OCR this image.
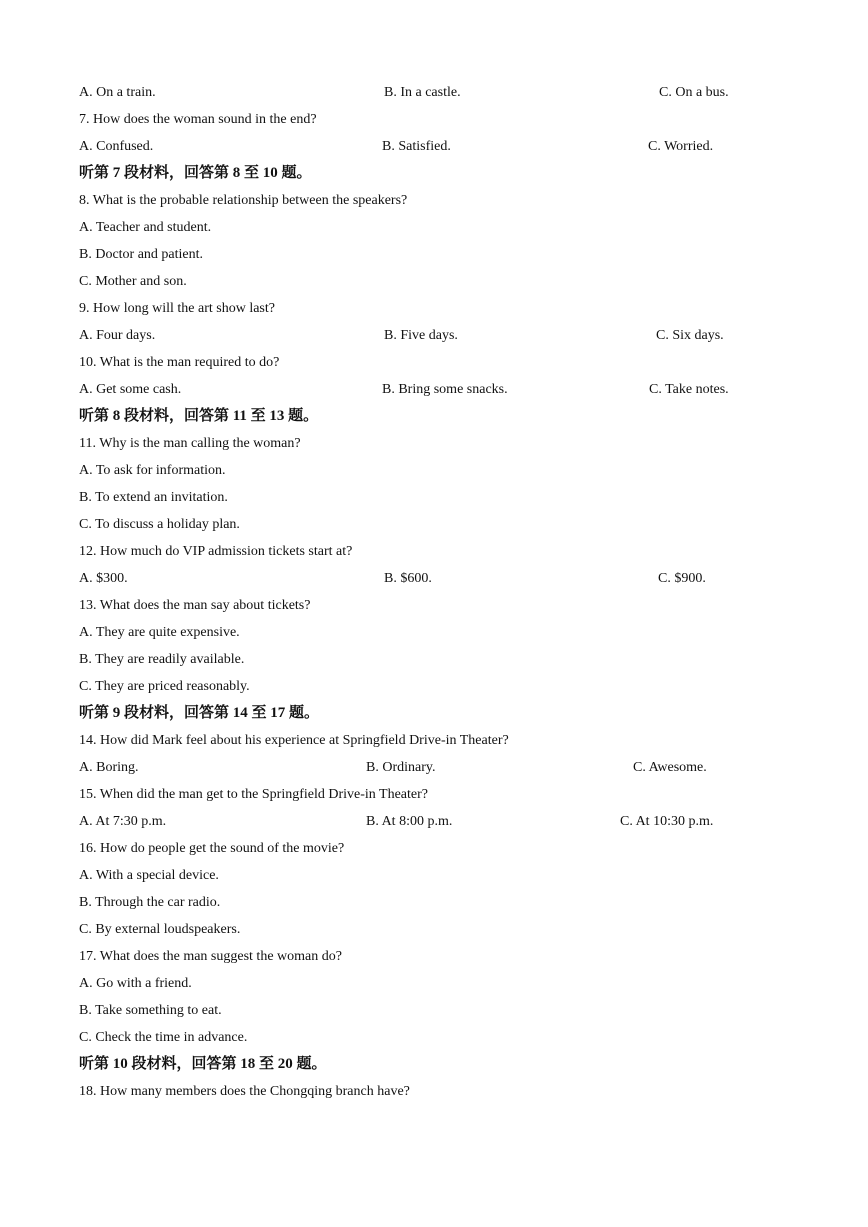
A. On a train.	B. In a castle.	C. On a bus.
7. How does the woman sound in the end?
A. Confused.	B. Satisfied.	C. Worried.
听第 7 段材料，回答第 8 至 10 题。
8. What is the probable relationship between the speakers?
A. Teacher and student.
B. Doctor and patient.
C. Mother and son.
9. How long will the art show last?
A. Four days.	B. Five days.	C. Six days.
10. What is the man required to do?
A. Get some cash.	B. Bring some snacks.	C. Take notes.
听第 8 段材料，回答第 11 至 13 题。
11. Why is the man calling the woman?
A. To ask for information.
B. To extend an invitation.
C. To discuss a holiday plan.
12. How much do VIP admission tickets start at?
A. $300.	B. $600.	C. $900.
13. What does the man say about tickets?
A. They are quite expensive.
B. They are readily available.
C. They are priced reasonably.
听第 9 段材料，回答第 14 至 17 题。
14. How did Mark feel about his experience at Springfield Drive-in Theater?
A. Boring.	B. Ordinary.	C. Awesome.
15. When did the man get to the Springfield Drive-in Theater?
A. At 7:30 p.m.	B. At 8:00 p.m.	C. At 10:30 p.m.
16. How do people get the sound of the movie?
A. With a special device.
B. Through the car radio.
C. By external loudspeakers.
17. What does the man suggest the woman do?
A. Go with a friend.
B. Take something to eat.
C. Check the time in advance.
听第 10 段材料，回答第 18 至 20 题。
18. How many members does the Chongqing branch have?
